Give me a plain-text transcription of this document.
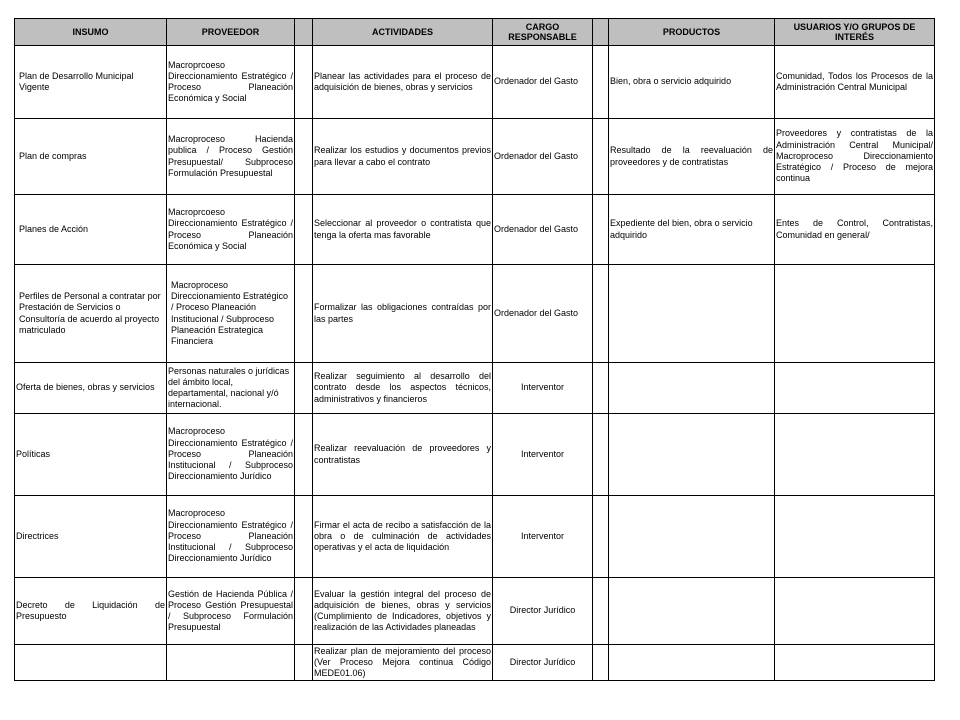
INSUMO	PROVEEDOR		ACTIVIDADES	CARGO RESPONSABLE		PRODUCTOS	USUARIOS Y/O GRUPOS DE INTERÉS
Plan de Desarrollo Municipal Vigente	Macroprcoeso Direccionamiento Estratégico / Proceso Planeación Económica y Social		Planear las actividades para el proceso de adquisición de bienes, obras y servicios	Ordenador del Gasto		Bien, obra o servicio adquirido	Comunidad, Todos los Procesos de la Administración Central Municipal
Plan de compras	Macroproceso Hacienda publica / Proceso Gestión Presupuestal/ Subproceso Formulación Presupuestal		Realizar los estudios y documentos previos para llevar a cabo el contrato	Ordenador del Gasto		Resultado de la reevaluación de proveedores y de contratistas	Proveedores y contratistas de la Administración Central Municipal/ Macroproceso Direccionamiento Estratégico / Proceso de mejora continua
Planes de Acción	Macroprcoeso Direccionamiento Estratégico / Proceso Planeación Económica y Social		Seleccionar al proveedor o contratista que tenga la oferta mas favorable	Ordenador del Gasto		Expediente del bien, obra o servicio adquirido	Entes de Control, Contratistas, Comunidad en general/
Perfiles de Personal a contratar por Prestación de Servicios o Consultoría de acuerdo al proyecto matriculado	Macroproceso Direccionamiento Estratégico / Proceso Planeación Institucional / Subproceso Planeación Estrategica Financiera		Formalizar las obligaciones contraídas por las partes	Ordenador del Gasto			
Oferta de bienes, obras y servicios	Personas naturales o jurídicas del ámbito local, departamental, nacional y/ó internacional.		Realizar seguimiento al desarrollo del contrato desde los aspectos técnicos, administrativos y financieros	Interventor			
Políticas	Macroproceso Direccionamiento Estratégico / Proceso Planeación Institucional / Subproceso Direccionamiento Jurídico		Realizar reevaluación de proveedores y contratistas	Interventor			
Directrices	Macroproceso Direccionamiento Estratégico / Proceso Planeación Institucional / Subproceso Direccionamiento Jurídico		Firmar el acta de recibo a satisfacción de la obra o de culminación de actividades operativas y el acta de liquidación	Interventor			
Decreto de Liquidación de Presupuesto	Gestión de Hacienda Pública / Proceso Gestión Presupuestal / Subproceso Formulación Presupuestal		Evaluar la gestión integral del proceso de adquisición de bienes, obras y servicios (Cumplimiento de Indicadores, objetivos y realización de las Actividades planeadas	Director Jurídico			
			Realizar plan de mejoramiento del proceso (Ver Proceso Mejora continua Código MEDE01.06)	Director Jurídico			
